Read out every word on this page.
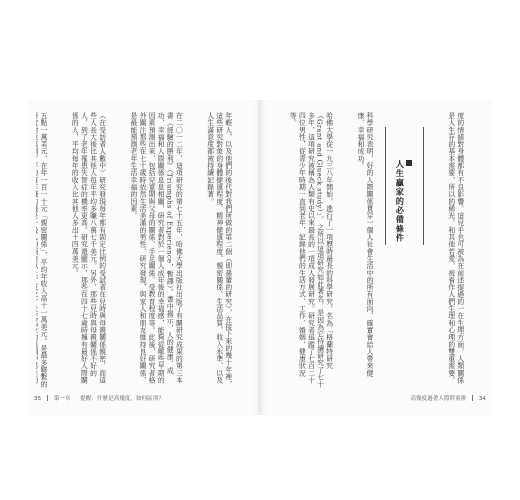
年輕人，以及他們的後代對我們所做的第二個（即孫輩的研究），在接下來的幾十年裡，這些研究對象的身體健康程度、精神健康程度、親密關係、生活品質、收入水準、以及人生滿意度都被持續記錄著。

在二〇一二年，這項研究的第七十五年，哈佛大學出版社出版了有關研究成果的第三本書《經驗的勝利》（Triumphs of Experience，暫譯）。書中揭示，人的健康、成功、幸福和人際關係息息相關，研究者對於一個人成年後的幸福感，能夠從哪些早期的因素預測出來，包括兒童期與父母的關係、手足關係、受教育程度等。此後，研究者格外關注那些在七十歲時依然生活美滿的男性，研究發現，與家人和朋友維持良好關係，是最能預測老年生活幸福的因素。

（在受訪者人數中）研究發現每年都有固定比例的受試者在兒時與母親關係親密，而這些人長大後比其他人每年平均多賺八萬七千美元。另外，那些兒時與母親關係不好的人，到了老年罹患失智症的機率更高。研究還顯示，那些在四十七歲時擁有最好人際關係的人，平均每年的收入比其他人多出十四萬美元。

五點一萬美元，在年一百一十元「親密關係」，平均年收入高十一萬美元。是最多聯繫的

35 第一章 提醒：什麼是高幾度，如何區別？

度的情緒對身體都有不良影響。這兒乎也可被為在前述提過的一在生理方面，人類關係是人生存的基本需要，所以的稀光，和其他若愛，被看作人們生理和心理的雙重需要。

人生贏家的必備條件

科學研究表明，好的人際關係貫穿一個人社會生活中的所有面向，確實會給人帶來健康、幸福和成功。

哈佛大學從一九三八年開始，進行了一項歷時最長的科學研究，名為「格蘭特研究（Grant and Glueck study）」。之所以這項研究如此著名，是因為它持續研究了七十多年，這項研究被稱為人類有史以來最長的一項成人發展研究。研究者追蹤了七百二十四位男性，從青少年時期一直到老年，記錄他們的生活方式、工作、婚姻、健康狀況等。

高幾度過著人際幹童排 34
